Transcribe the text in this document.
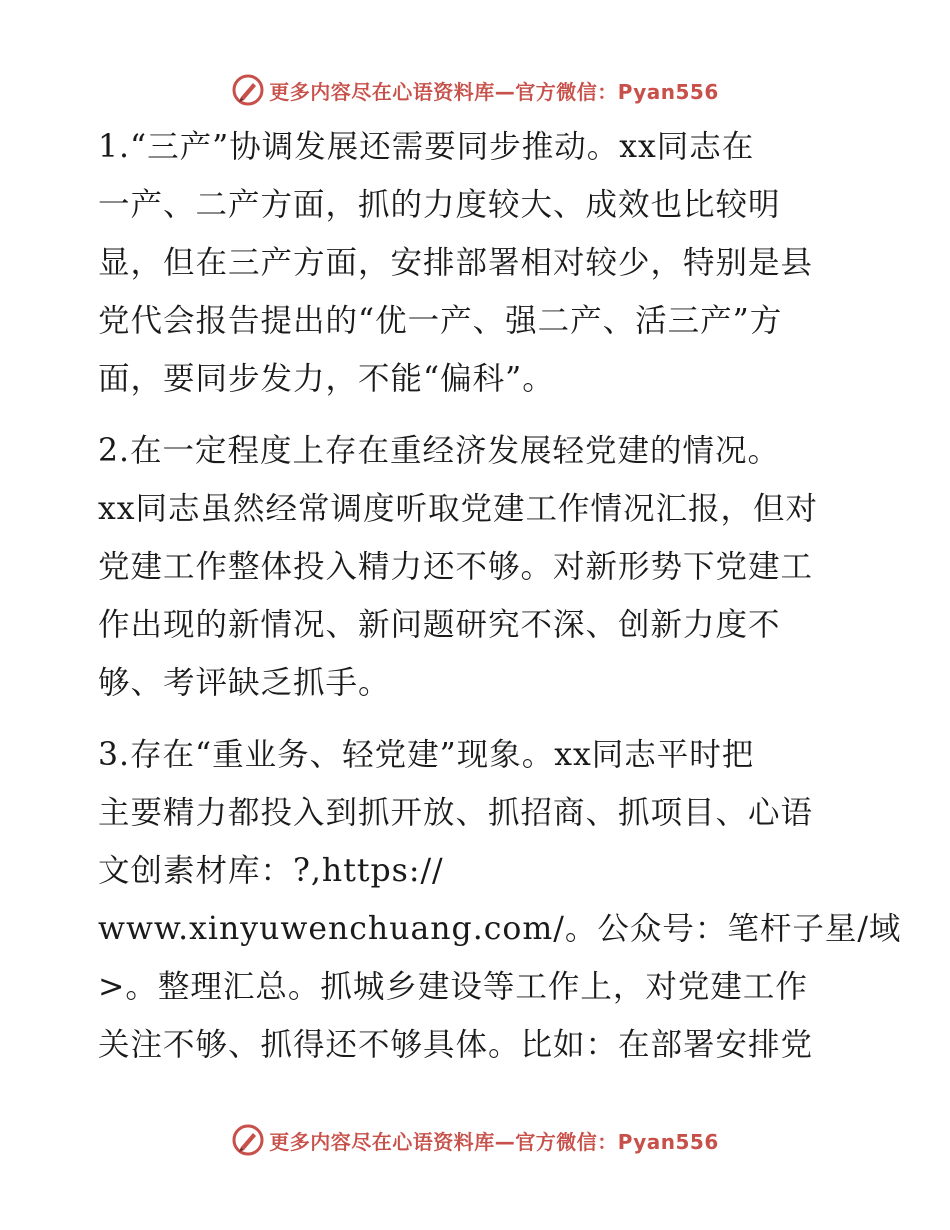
更多内容尽在心语资料库—官方微信：Pyan556
1.“三产”协调发展还需要同步推动。xx同志在
一产、二产方面，抓的力度较大、成效也比较明
显，但在三产方面，安排部署相对较少，特别是县
党代会报告提出的“优一产、强二产、活三产”方
面，要同步发力，不能“偏科”。
2.在一定程度上存在重经济发展轻党建的情况。
xx同志虽然经常调度听取党建工作情况汇报，但对
党建工作整体投入精力还不够。对新形势下党建工
作出现的新情况、新问题研究不深、创新力度不
够、考评缺乏抓手。
3.存在“重业务、轻党建”现象。xx同志平时把
主要精力都投入到抓开放、抓招商、抓项目、心语
文创素材库：?,https://
www.xinyuwenchuang.com/。公众号：笔杆子星/域
>。整理汇总。抓城乡建设等工作上，对党建工作
关注不够、抓得还不够具体。比如：在部署安排党
更多内容尽在心语资料库—官方微信：Pyan556
